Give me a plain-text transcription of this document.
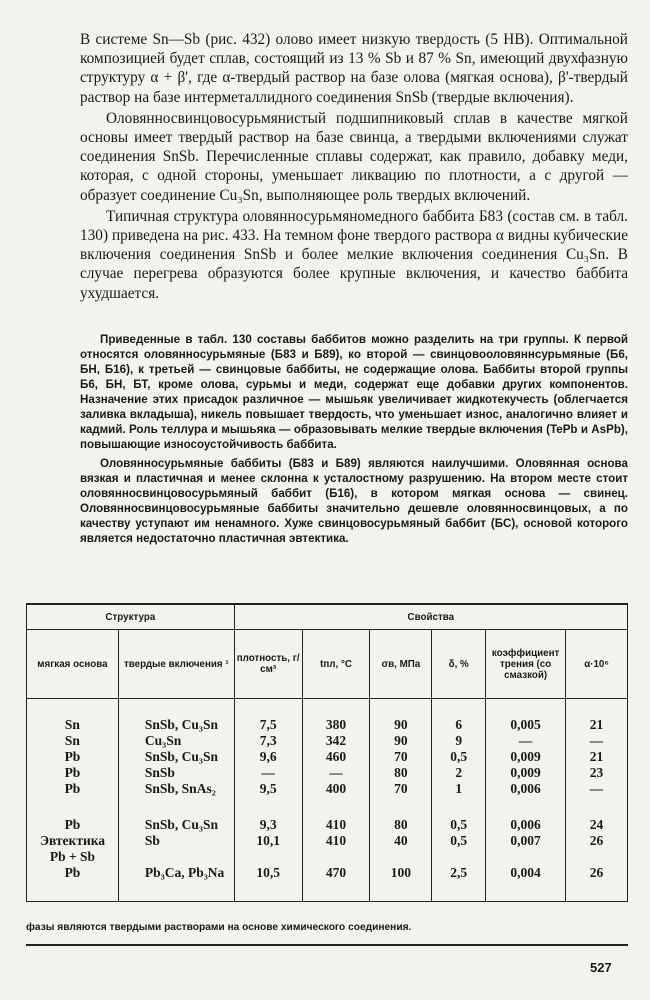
В системе Sn—Sb (рис. 432) олово имеет низкую твердость (5 НВ). Оптимальной композицией будет сплав, состоящий из 13 % Sb и 87 % Sn, имеющий двухфазную структуру α + β', где α-твердый раствор на базе олова (мягкая основа), β'-твердый раствор на базе интерметаллидного соединения SnSb (твердые включения).

Оловянносвинцовосурьмянистый подшипниковый сплав в качестве мягкой основы имеет твердый раствор на базе свинца, а твердыми включениями служат соединения SnSb. Перечисленные сплавы содержат, как правило, добавку меди, которая, с одной стороны, уменьшает ликвацию по плотности, а с другой — образует соединение Cu₃Sn, выполняющее роль твердых включений.

Типичная структура оловянносурьмяномедного баббита Б83 (состав см. в табл. 130) приведена на рис. 433. На темном фоне твердого раствора α видны кубические включения соединения SnSb и более мелкие включения соединения Cu₃Sn. В случае перегрева образуются более крупные включения, и качество баббита ухудшается.

Приведенные в табл. 130 составы баббитов можно разделить на три группы. К первой относятся оловянносурьмяные (Б83 и Б89), ко второй — свинцовооловяннсурьмяные (Б6, БН, Б16), к третьей — свинцовые баббиты, не содержащие олова. Баббиты второй группы Б6, БН, БТ, кроме олова, сурьмы и меди, содержат еще добавки других компонентов. Назначение этих присадок различное — мышьяк увеличивает жидкотекучесть (облегчается заливка вкладыша), никель повышает твердость, что уменьшает износ, аналогично влияет и кадмий. Роль теллура и мышьяка — образовывать мелкие твердые включения (TePb и AsPb), повышающие износоустойчивость баббита.

Оловянносурьмяные баббиты (Б83 и Б89) являются наилучшими. Оловянная основа вязкая и пластичная и менее склонна к усталостному разрушению. На втором месте стоит оловянносвинцовосурьмяный баббит (Б16), в котором мягкая основа — свинец. Оловянносвинцовосурьмяные баббиты значительно дешевле оловянносвинцовых, а по качеству уступают им ненамного. Хуже свинцовосурьмяный баббит (БС), основой которого является недостаточно пластичная эвтектика.

Структура		Свойства					
мягкая основа	твердые включения ¹	плотность, г/см³	tпл, °С	σв, МПа	δ, %	коэффициент трения (со смазкой)	α·10⁶
Sn	SnSb, Cu₃Sn	7,5	380	90	6	0,005	21
Sn	Cu₃Sn	7,3	342	90	9	—	—
Pb	SnSb, Cu₃Sn	9,6	460	70	0,5	0,009	21
Pb	SnSb	—	—	80	2	0,009	23
Pb	SnSb, SnAs₂	9,5	400	70	1	0,006	—
Pb	SnSb, Cu₃Sn	9,3	410	80	0,5	0,006	24
Эвтектика	Sb	10,1	410	40	0,5	0,007	26
Pb + Sb							
Pb	Pb₃Ca, Pb₃Na	10,5	470	100	2,5	0,004	26
фазы являются твердыми растворами на основе химического соединения.
527
